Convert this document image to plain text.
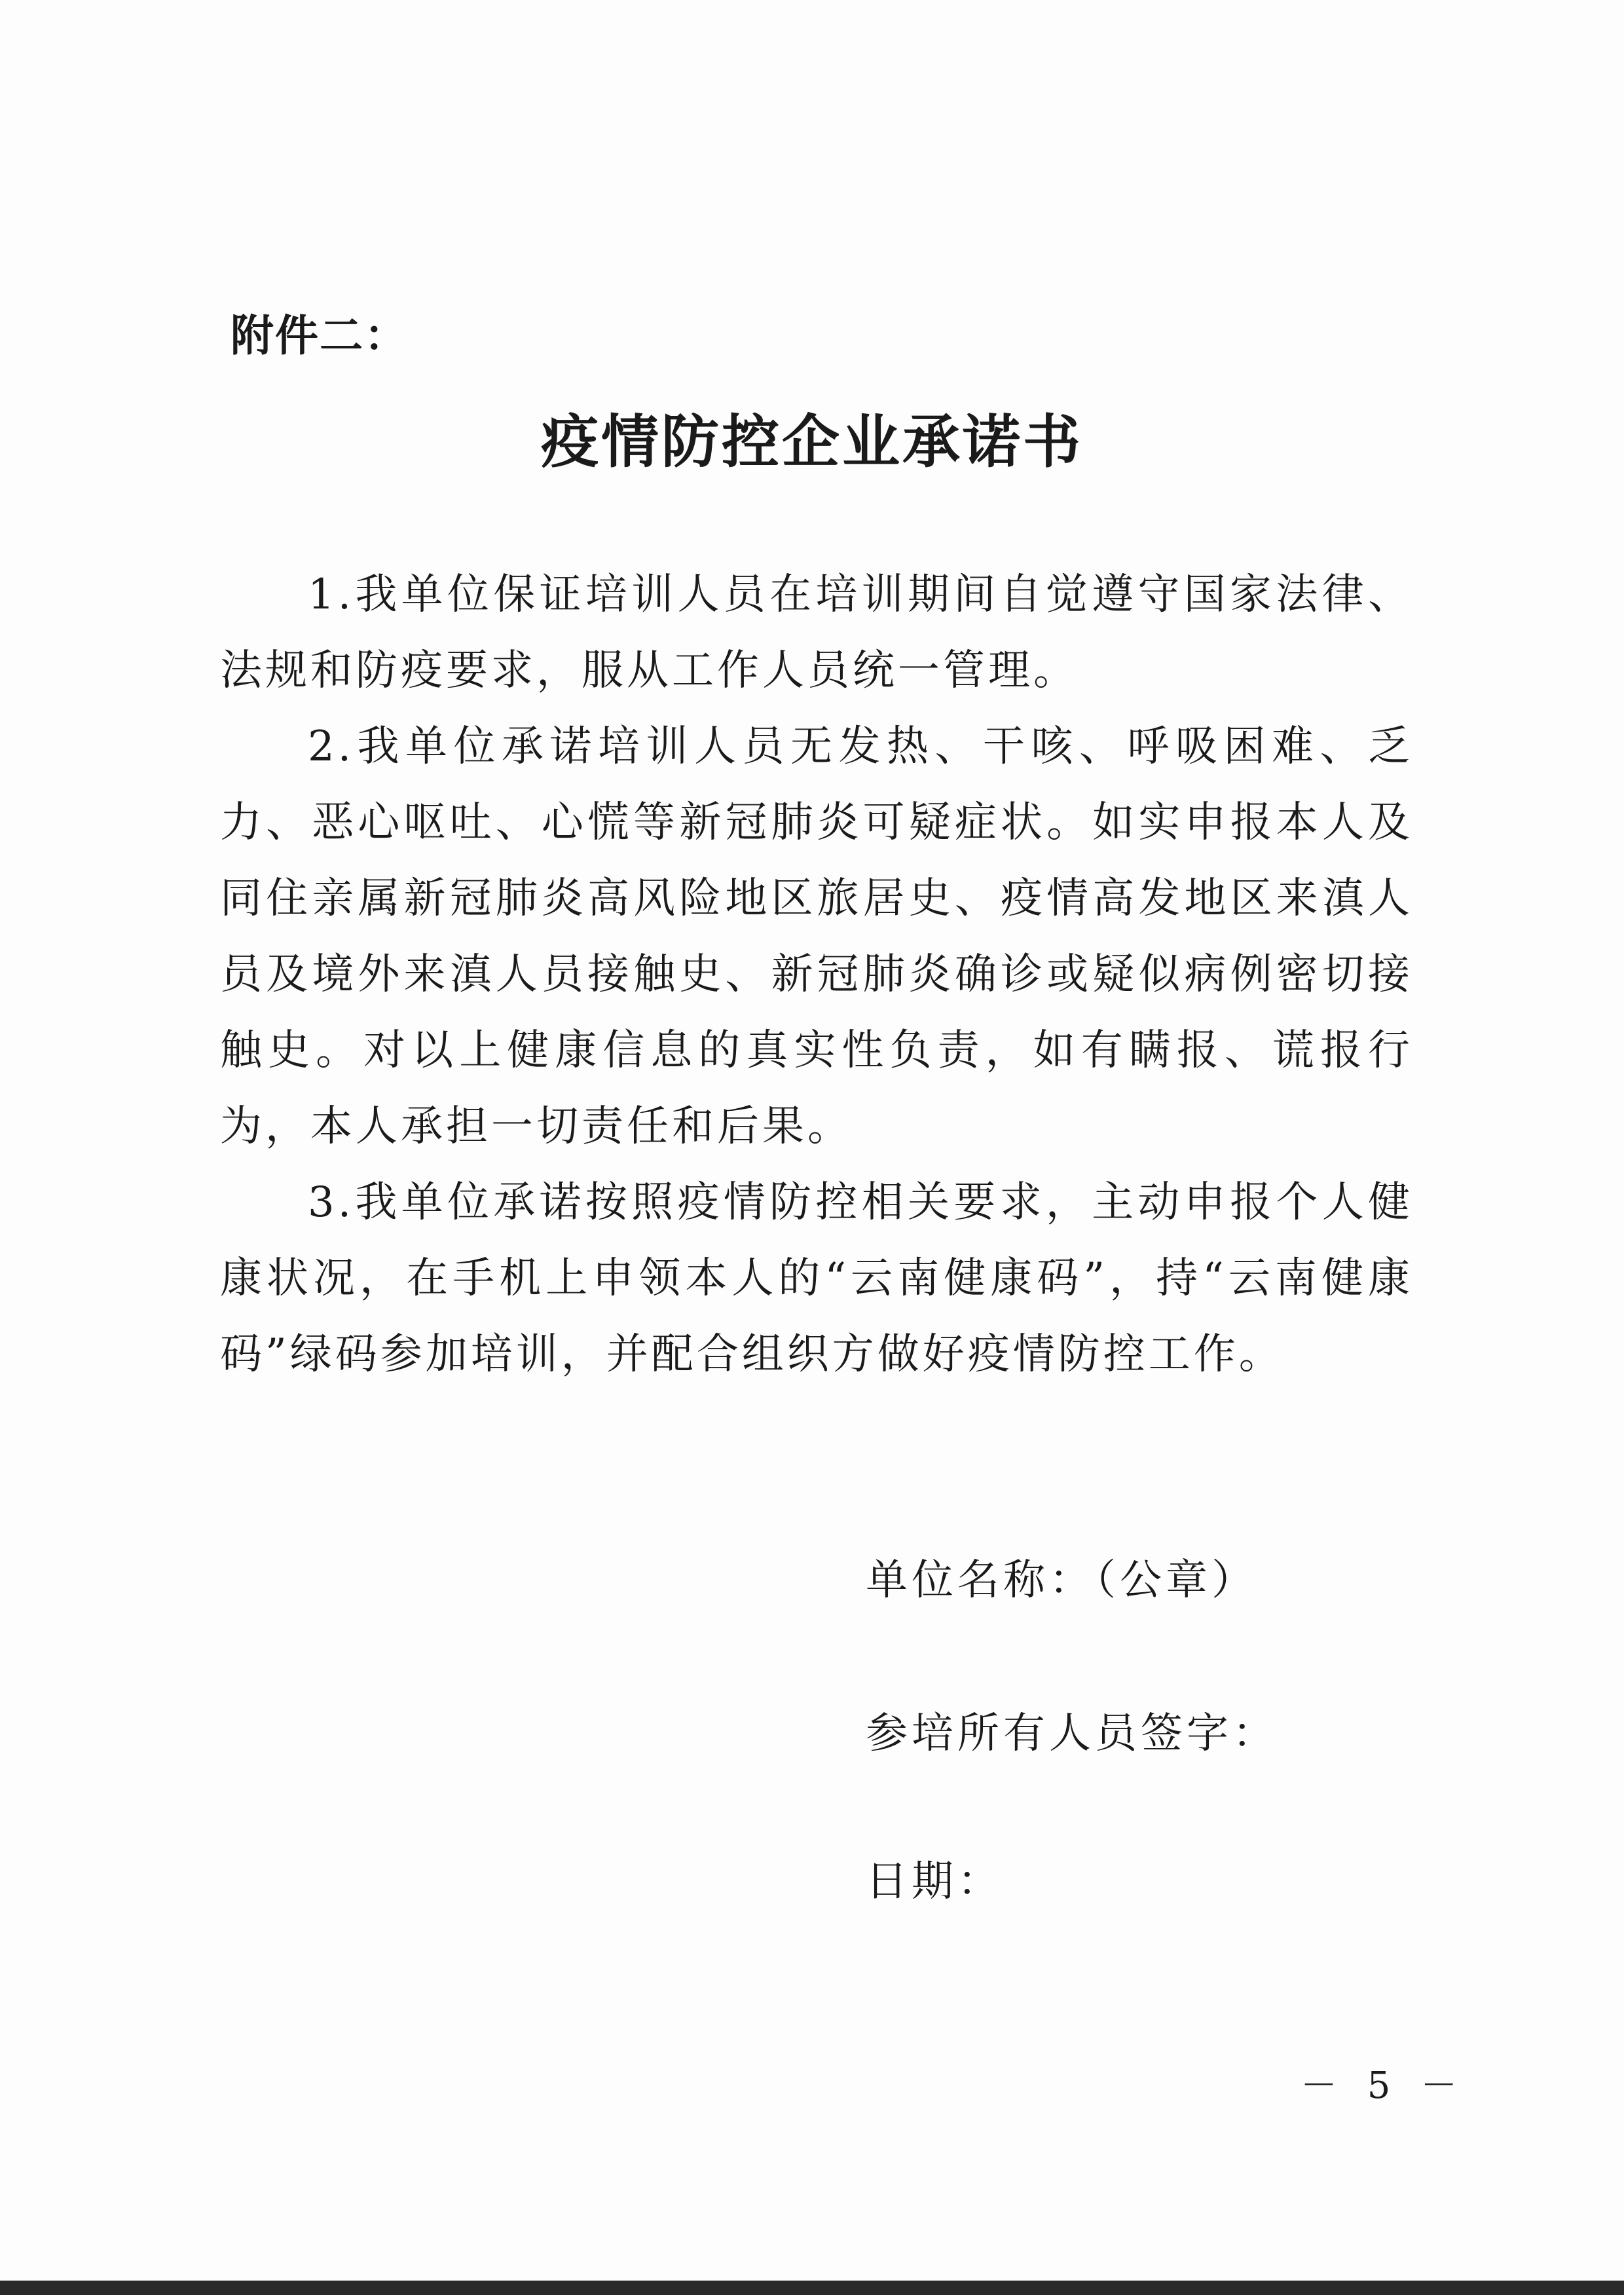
附件二：
疫情防控企业承诺书

1.我单位保证培训人员在培训期间自觉遵守国家法律、法规和防疫要求，服从工作人员统一管理。

2.我单位承诺培训人员无发热、干咳、呼吸困难、乏力、恶心呕吐、心慌等新冠肺炎可疑症状。如实申报本人及同住亲属新冠肺炎高风险地区旅居史、疫情高发地区来滇人员及境外来滇人员接触史、新冠肺炎确诊或疑似病例密切接触史。对以上健康信息的真实性负责，如有瞒报、谎报行为，本人承担一切责任和后果。

3.我单位承诺按照疫情防控相关要求，主动申报个人健康状况，在手机上申领本人的“云南健康码”，持“云南健康码”绿码参加培训，并配合组织方做好疫情防控工作。

单位名称：（公章）
参培所有人员签字：
日期：
－ 5 －
